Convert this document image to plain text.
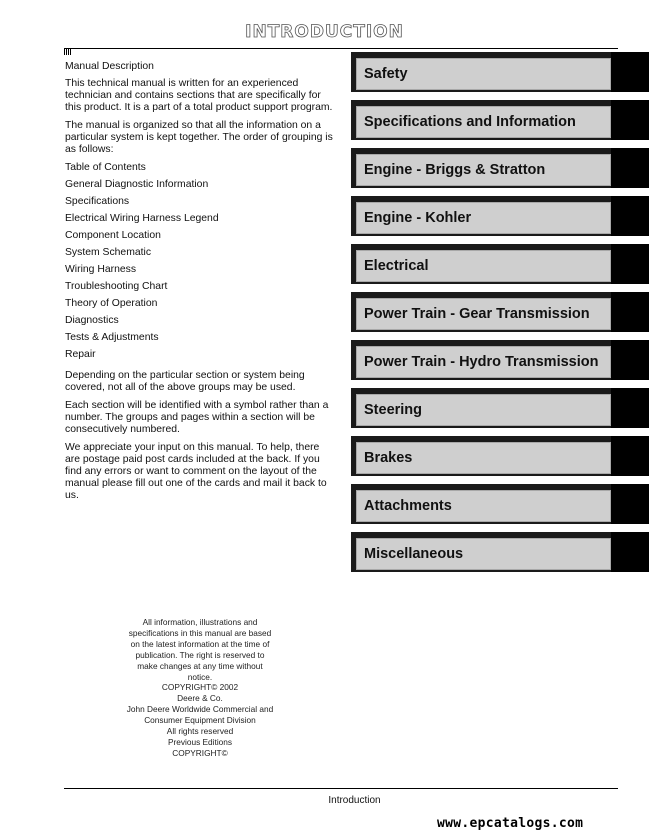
INTRODUCTION

Manual Description

This technical manual is written for an experienced technician and contains sections that are specifically for this product. It is a part of a total product support program.

The manual is organized so that all the information on a particular system is kept together. The order of grouping is as follows:

Table of Contents
General Diagnostic Information
Specifications
Electrical Wiring Harness Legend
Component Location
System Schematic
Wiring Harness
Troubleshooting Chart
Theory of Operation
Diagnostics
Tests & Adjustments
Repair

Depending on the particular section or system being covered, not all of the above groups may be used.

Each section will be identified with a symbol rather than a number. The groups and pages within a section will be consecutively numbered.

We appreciate your input on this manual. To help, there are postage paid post cards included at the back. If you find any errors or want to comment on the layout of the manual please fill out one of the cards and mail it back to us.

Safety
Specifications and Information
Engine - Briggs & Stratton
Engine - Kohler
Electrical
Power Train - Gear Transmission
Power Train - Hydro Transmission
Steering
Brakes
Attachments
Miscellaneous
All information, illustrations and
specifications in this manual are based
on the latest information at the time of
publication. The right is reserved to
make changes at any time without
notice.
COPYRIGHT© 2002
Deere & Co.
John Deere Worldwide Commercial and
Consumer Equipment Division
All rights reserved
Previous Editions
COPYRIGHT©
Introduction
www.epcatalogs.com
